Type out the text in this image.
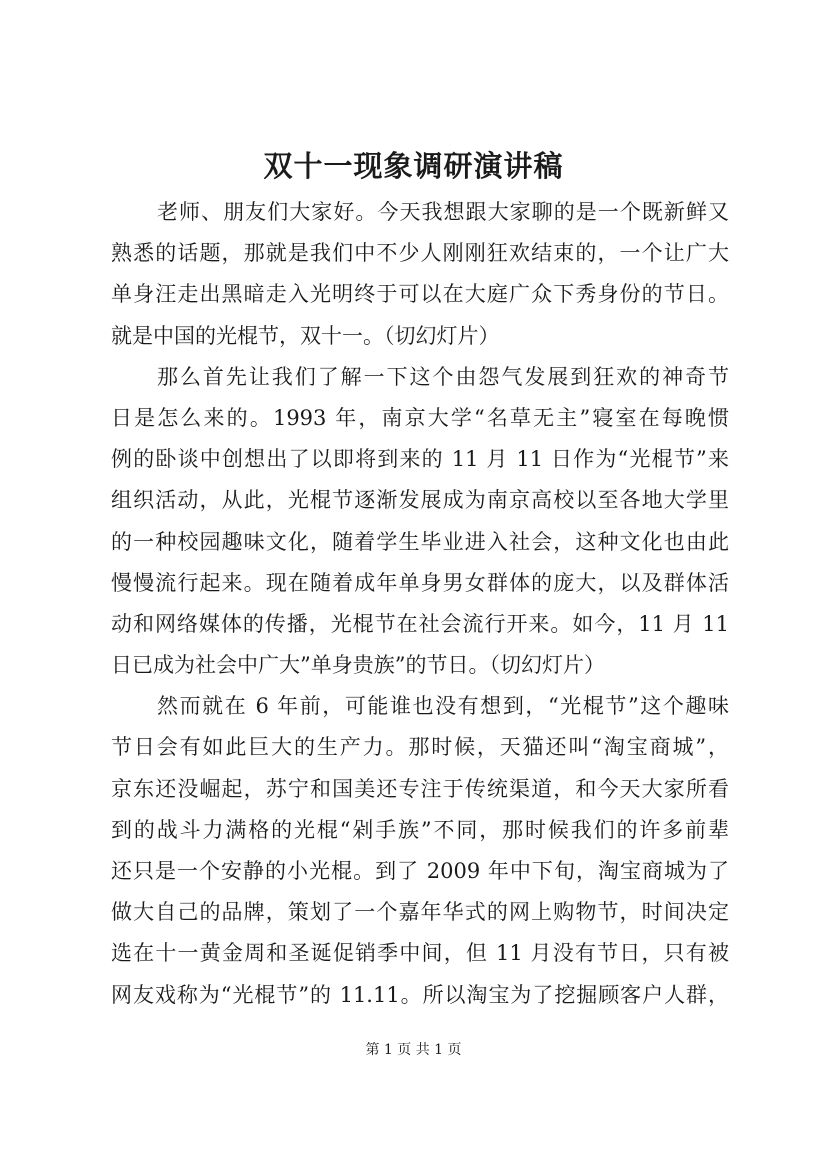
双十一现象调研演讲稿
老师、朋友们大家好。今天我想跟大家聊的是一个既新鲜又
熟悉的话题，那就是我们中不少人刚刚狂欢结束的，一个让广大
单身汪走出黑暗走入光明终于可以在大庭广众下秀身份的节日。
就是中国的光棍节，双十一。（切幻灯片）
那么首先让我们了解一下这个由怨气发展到狂欢的神奇节
日是怎么来的。1993 年，南京大学“名草无主”寝室在每晚惯
例的卧谈中创想出了以即将到来的 11 月 11 日作为“光棍节”来
组织活动，从此，光棍节逐渐发展成为南京高校以至各地大学里
的一种校园趣味文化，随着学生毕业进入社会，这种文化也由此
慢慢流行起来。现在随着成年单身男女群体的庞大，以及群体活
动和网络媒体的传播，光棍节在社会流行开来。如今，11 月 11
日已成为社会中广大”单身贵族”的节日。（切幻灯片）
然而就在 6 年前，可能谁也没有想到，“光棍节”这个趣味
节日会有如此巨大的生产力。那时候，天猫还叫“淘宝商城”，
京东还没崛起，苏宁和国美还专注于传统渠道，和今天大家所看
到的战斗力满格的光棍“剁手族”不同，那时候我们的许多前辈
还只是一个安静的小光棍。到了 2009 年中下旬，淘宝商城为了
做大自己的品牌，策划了一个嘉年华式的网上购物节，时间决定
选在十一黄金周和圣诞促销季中间，但 11 月没有节日，只有被
网友戏称为“光棍节”的 11.11。所以淘宝为了挖掘顾客户人群，
第 1 页 共 1 页
